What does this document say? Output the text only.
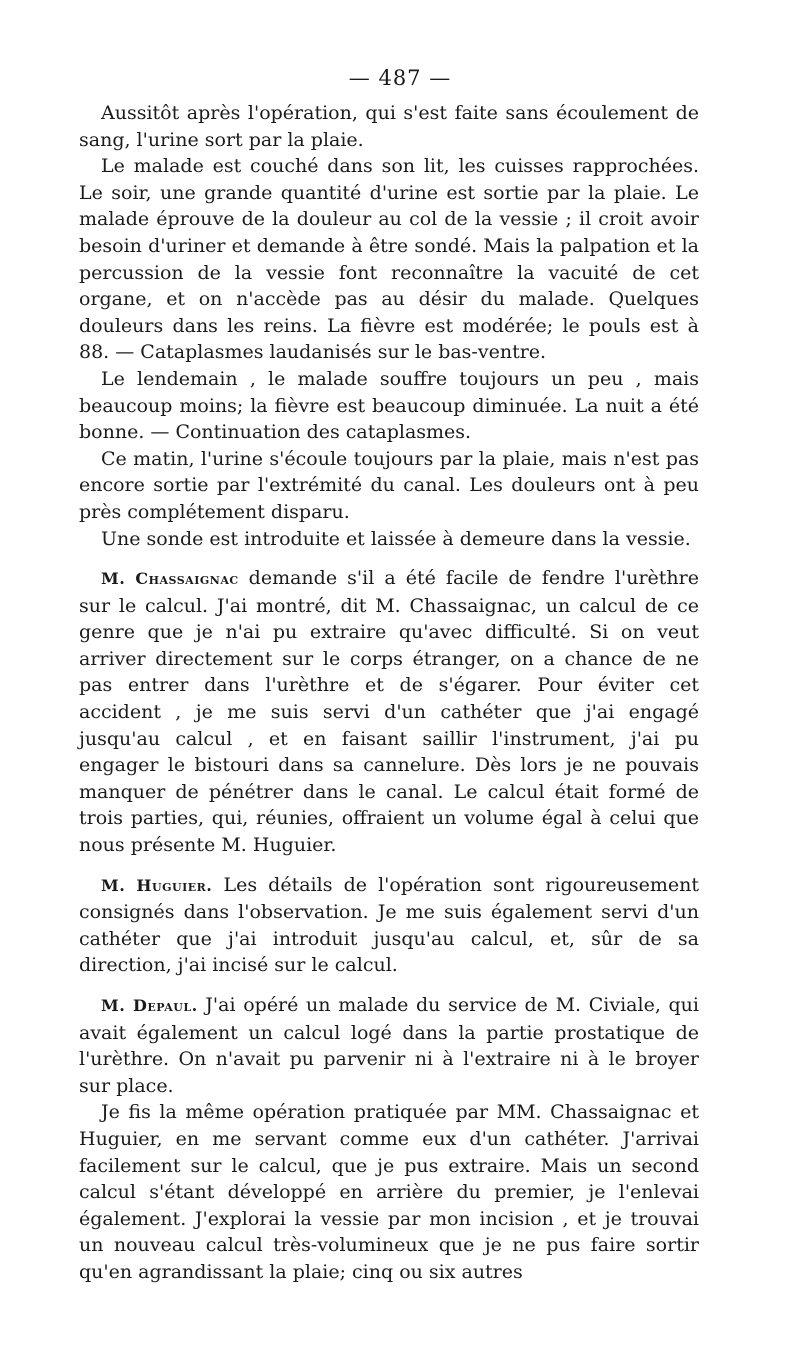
— 487 —

Aussitôt après l'opération, qui s'est faite sans écoulement de sang, l'urine sort par la plaie.

Le malade est couché dans son lit, les cuisses rapprochées. Le soir, une grande quantité d'urine est sortie par la plaie. Le malade éprouve de la douleur au col de la vessie ; il croit avoir besoin d'uriner et demande à être sondé. Mais la palpation et la percussion de la vessie font reconnaître la vacuité de cet organe, et on n'accède pas au désir du malade. Quelques douleurs dans les reins. La fièvre est modérée; le pouls est à 88. — Cataplasmes laudanisés sur le bas-ventre.

Le lendemain , le malade souffre toujours un peu , mais beaucoup moins; la fièvre est beaucoup diminuée. La nuit a été bonne. — Continuation des cataplasmes.

Ce matin, l'urine s'écoule toujours par la plaie, mais n'est pas encore sortie par l'extrémité du canal. Les douleurs ont à peu près complétement disparu.

Une sonde est introduite et laissée à demeure dans la vessie.

M. Chassaignac demande s'il a été facile de fendre l'urèthre sur le calcul. J'ai montré, dit M. Chassaignac, un calcul de ce genre que je n'ai pu extraire qu'avec difficulté. Si on veut arriver directement sur le corps étranger, on a chance de ne pas entrer dans l'urèthre et de s'égarer. Pour éviter cet accident , je me suis servi d'un cathéter que j'ai engagé jusqu'au calcul , et en faisant saillir l'instrument, j'ai pu engager le bistouri dans sa cannelure. Dès lors je ne pouvais manquer de pénétrer dans le canal. Le calcul était formé de trois parties, qui, réunies, offraient un volume égal à celui que nous présente M. Huguier.

M. Huguier. Les détails de l'opération sont rigoureusement consignés dans l'observation. Je me suis également servi d'un cathéter que j'ai introduit jusqu'au calcul, et, sûr de sa direction, j'ai incisé sur le calcul.

M. Depaul. J'ai opéré un malade du service de M. Civiale, qui avait également un calcul logé dans la partie prostatique de l'urèthre. On n'avait pu parvenir ni à l'extraire ni à le broyer sur place.

Je fis la même opération pratiquée par MM. Chassaignac et Huguier, en me servant comme eux d'un cathéter. J'arrivai facilement sur le calcul, que je pus extraire. Mais un second calcul s'étant développé en arrière du premier, je l'enlevai également. J'explorai la vessie par mon incision , et je trouvai un nouveau calcul très-volumineux que je ne pus faire sortir qu'en agrandissant la plaie; cinq ou six autres
